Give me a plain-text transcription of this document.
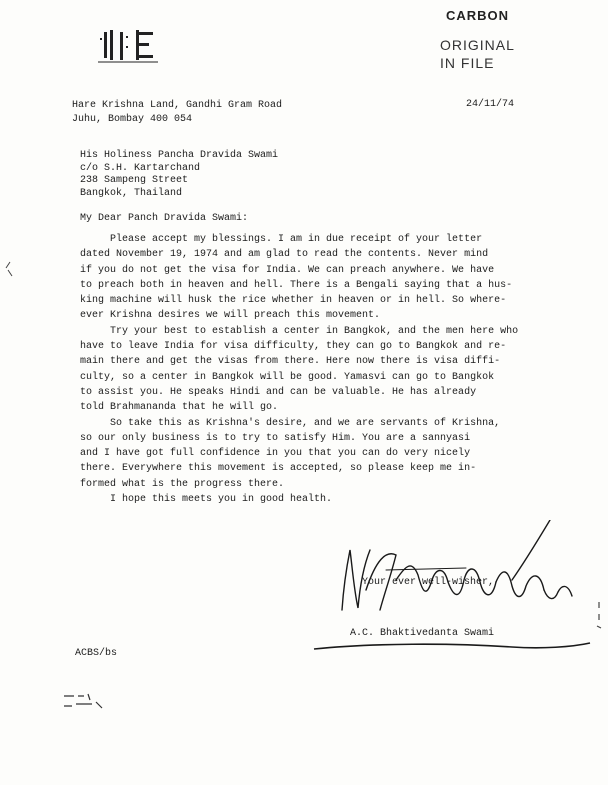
CARBON
ORIGINAL
IN FILE
Hare Krishna Land, Gandhi Gram Road
Juhu, Bombay 400 054
24/11/74
His Holiness Pancha Dravida Swami
c/o S.H. Kartarchand
238 Sampeng Street
Bangkok, Thailand
My Dear Panch Dravida Swami:

Please accept my blessings. I am in due receipt of your letter

dated November 19, 1974 and am glad to read the contents. Never mind

if you do not get the visa for India. We can preach anywhere. We have

to preach both in heaven and hell. There is a Bengali saying that a hus-

king machine will husk the rice whether in heaven or in hell. So where-

ever Krishna desires we will preach this movement.

Try your best to establish a center in Bangkok, and the men here who

have to leave India for visa difficulty, they can go to Bangkok and re-

main there and get the visas from there. Here now there is visa diffi-

culty, so a center in Bangkok will be good. Yamasvi can go to Bangkok

to assist you. He speaks Hindi and can be valuable. He has already

told Brahmananda that he will go.

So take this as Krishna's desire, and we are servants of Krishna,

so our only business is to try to satisfy Him. You are a sannyasi

and I have got full confidence in you that you can do very nicely

there. Everywhere this movement is accepted, so please keep me in-

formed what is the progress there.

I hope this meets you in good health.

Your ever well-wisher,
A.C. Bhaktivedanta Swami
ACBS/bs
